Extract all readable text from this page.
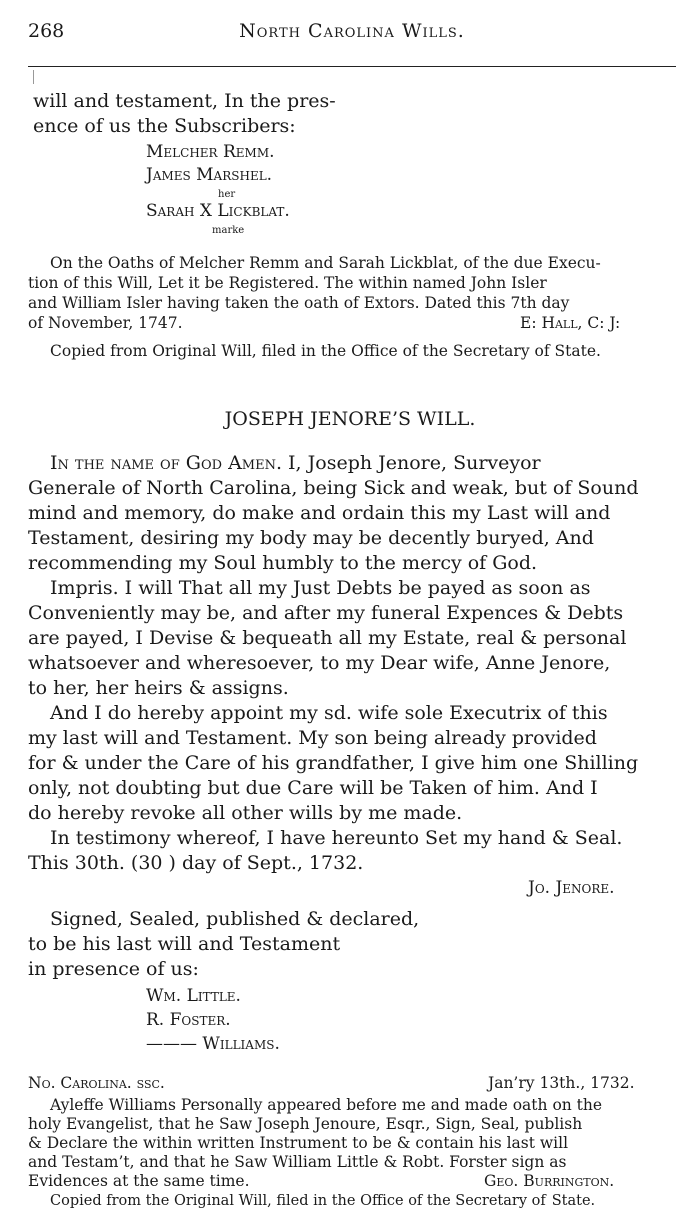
268	North Carolina Wills.
will and testament, In the pres-
ence of us the Subscribers:
Melcher Remm.
James Marshel.
her
Sarah X Lickblat.
marke
On the Oaths of Melcher Remm and Sarah Lickblat, of the due Execu-
tion of this Will, Let it be Registered. The within named John Isler
and William Isler having taken the oath of Extors. Dated this 7th day
of November, 1747.	E: Hall, C: J:
Copied from Original Will, filed in the Office of the Secretary of State.
JOSEPH JENORE’S WILL.
In the name of God Amen. I, Joseph Jenore, Surveyor
Generale of North Carolina, being Sick and weak, but of Sound
mind and memory, do make and ordain this my Last will and
Testament, desiring my body may be decently buryed, And
recommending my Soul humbly to the mercy of God.
Impris. I will That all my Just Debts be payed as soon as
Conveniently may be, and after my funeral Expences & Debts
are payed, I Devise & bequeath all my Estate, real & personal
whatsoever and wheresoever, to my Dear wife, Anne Jenore,
to her, her heirs & assigns.
And I do hereby appoint my sd. wife sole Executrix of this
my last will and Testament. My son being already provided
for & under the Care of his grandfather, I give him one Shilling
only, not doubting but due Care will be Taken of him. And I
do hereby revoke all other wills by me made.
In testimony whereof, I have hereunto Set my hand & Seal.
This 30th. (30 ) day of Sept., 1732.
Jo. Jenore.
Signed, Sealed, published & declared,
to be his last will and Testament
in presence of us:
Wm. Little.
R. Foster.
——— Williams.
No. Carolina. ssc.	Jan’ry 13th., 1732.
Ayleffe Williams Personally appeared before me and made oath on the
holy Evangelist, that he Saw Joseph Jenoure, Esqr., Sign, Seal, publish
& Declare the within written Instrument to be & contain his last will
and Testam’t, and that he Saw William Little & Robt. Forster sign as
Evidences at the same time.	Geo. Burrington.
Copied from the Original Will, filed in the Office of the Secretary of State.
